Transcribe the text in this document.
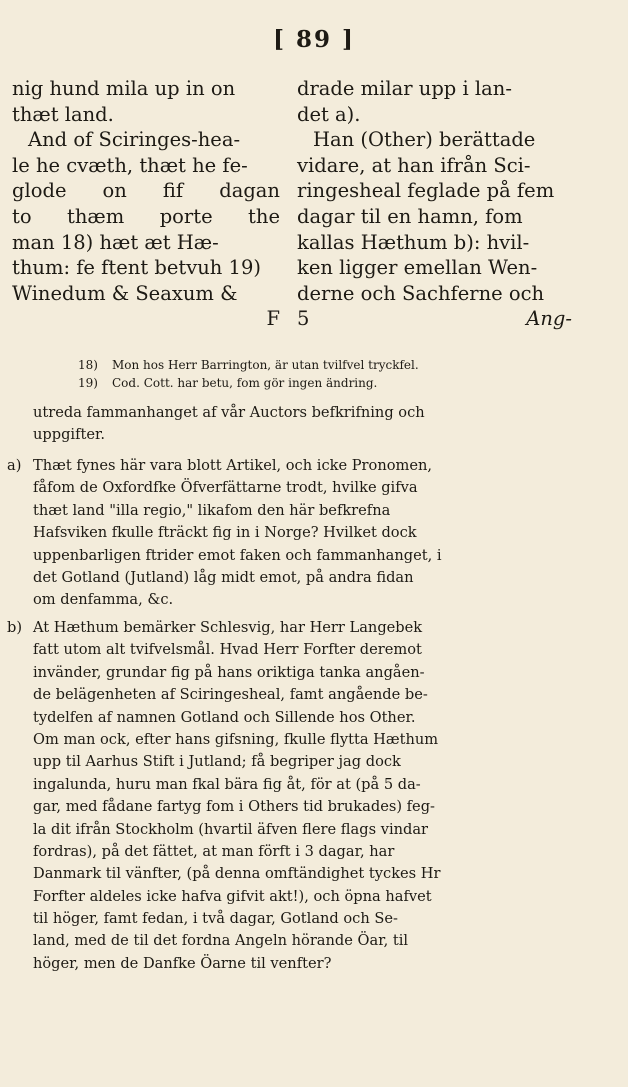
[ 89 ]
nig hund mila up in on
thæt land.
And of Sciringes-hea-
le he cvæth, thæt he fe-
glode on fif dagan
to thæm porte the
man 18) hæt æt Hæ-
thum: fe ftent betvuh 19)
Winedum & Seaxum &
F
drade milar upp i lan-
det a).
Han (Other) berättade
vidare, at han ifrån Sci-
ringesheal feglade på fem
dagar til en hamn, fom
kallas Hæthum b): hvil-
ken ligger emellan Wen-
derne och Sachferne och
5	Ang-
18) Mon hos Herr Barrington, är utan tvilfvel tryckfel.
19) Cod. Cott. har betu, fom gör ingen ändring.
utreda fammanhanget af vår Auctors befkrifning och
uppgifter.
a) Thæt fynes här vara blott Artikel, och icke Pronomen,
fåfom de Oxfordfke Öfverfättarne trodt, hvilke gifva
thæt land "illa regio," likafom den här befkrefna
Hafsviken fkulle fträckt fig in i Norge? Hvilket dock
uppenbarligen ftrider emot faken och fammanhanget, i
det Gotland (Jutland) låg midt emot, på andra fidan
om denfamma, &c.
b) At Hæthum bemärker Schlesvig, har Herr Langebek
fatt utom alt tvifvelsmål. Hvad Herr Forfter deremot
invänder, grundar fig på hans oriktiga tanka angåen-
de belägenheten af Sciringesheal, famt angående be-
tydelfen af namnen Gotland och Sillende hos Other.
Om man ock, efter hans gifsning, fkulle flytta Hæthum
upp til Aarhus Stift i Jutland; få begriper jag dock
ingalunda, huru man fkal bära fig åt, för at (på 5 da-
gar, med fådane fartyg fom i Others tid brukades) feg-
la dit ifrån Stockholm (hvartil äfven flere flags vindar
fordras), på det fättet, at man förft i 3 dagar, har
Danmark til vänfter, (på denna omftändighet tyckes Hr
Forfter aldeles icke hafva gifvit akt!), och öpna hafvet
til höger, famt fedan, i två dagar, Gotland och Se-
land, med de til det fordna Angeln hörande Öar, til
höger, men de Danfke Öarne til venfter?
